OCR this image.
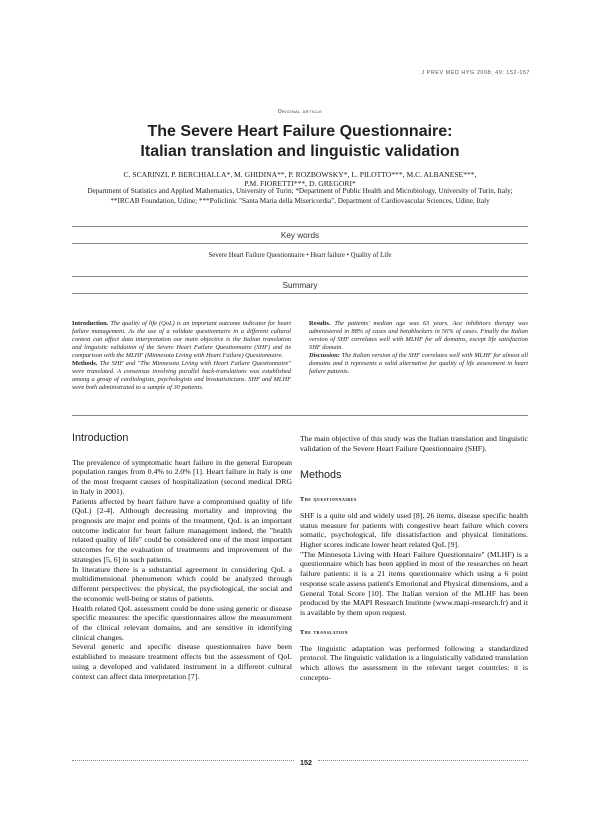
J PREV MED HYG 2008; 49: 152-157
Original article
The Severe Heart Failure Questionnaire:
Italian translation and linguistic validation
C. SCARINZI, P. BERCHIALLA*, M. GHIDINA**, P. ROZBOWSKY*, L. PILOTTO***, M.C. ALBANESE***,
P.M. FIORETTI***, D. GREGORI*
Department of Statistics and Applied Mathematics, University of Turin; *Department of Public Health and Microbiology, University of Turin, Italy; **IRCAB Foundation, Udine; ***Policlinic "Santa Maria della Misericordia", Department of Cardiovascular Sciences, Udine, Italy
Key words
Severe Heart Failure Questionnaire • Heart failure • Quality of Life
Summary

Introduction. The quality of life (QoL) is an important outcome indicator for heart failure management. As the use of a validate questionnaire in a different cultural context can affect data interpretation our main objective is the Italian translation and linguistic validation of the Severe Heart Failure Questionnaire (SHF) and its comparison with the MLHF (Minnesota Living with Heart Failure) Questionnaire.

Methods. The SHF and "The Minnesota Living with Heart Failure Questionnaire" were translated. A consensus involving parallel back-translations was established among a group of cardiologists, psychologists and biostatisticians. SHF and MLHF were both administrated to a sample of 30 patients.

Results. The patients' median age was 63 years. Ace inhibitors therapy was administered in 88% of cases and betablockers in 56% of cases. Finally the Italian version of SHF correlates well with MLHF for all domains, except life satisfaction SHF domain.

Discussion: The Italian version of the SHF correlates well with MLHF for almost all domains and it represents a valid alternative for quality of life assessment in heart failure patients.

Introduction

The prevalence of symptomatic heart failure in the general European population ranges from 0.4% to 2.0% [1]. Heart failure in Italy is one of the most frequent causes of hospitalization (second medical DRG in Italy in 2001).

Patients affected by heart failure have a compromised quality of life (QoL) [2-4]. Although decreasing mortality and improving the prognosis are major end points of the treatment, QoL is an important outcome indicator for heart failure management indeed, the "health related quality of life" could be considered one of the most important outcomes for the evaluation of treatments and improvement of the strategies [5, 6] in such patients.

In literature there is a substantial agreement in considering QoL a multidimensional phenomenon which could be analyzed through different perspectives: the physical, the psychological, the social and the economic well-being or status of patients.

Health related QoL assessment could be done using generic or disease specific measures: the specific questionnaires allow the measurement of the clinical relevant domains, and are sensitive in identifying clinical changes.

Several generic and specific disease questionnaires have been established to measure treatment effects but the assessment of QoL using a developed and validated instrument in a different cultural context can affect data interpretation [7].

The main objective of this study was the Italian translation and linguistic validation of the Severe Heart Failure Questionnaire (SHF).

Methods
The questionnaires

SHF is a quite old and widely used [8], 26 items, disease specific health status measure for patients with congestive heart failure which covers somatic, psychological, life dissatisfaction and physical limitations. Higher scores indicate lower heart related QoL [9].

"The Minnesota Living with Heart Failure Questionnaire" (MLHF) is a questionnaire which has been applied in most of the researches on heart failure patients: it is a 21 items questionnaire which using a 6 point response scale assess patient's Emotional and Physical dimensions, and a General Total Score [10]. The Italian version of the MLHF has been produced by the MAPI Research Institute (www.mapi-research.fr) and it is available by them upon request.

The translation

The linguistic adaptation was performed following a standardized protocol. The linguistic validation is a linguistically validated translation which allows the assessment in the relevant target countries: it is conceptu-

152
